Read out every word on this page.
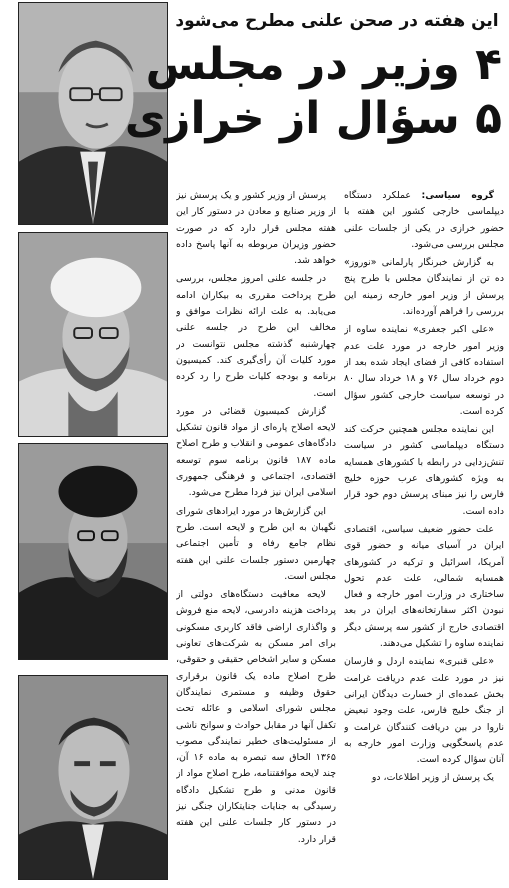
این هفته در صحن علنی مطرح می‌شود
۴ وزیر در مجلس
۵ سؤال از خرازی

گروه سیاسی: عملکرد دستگاه دیپلماسی خارجی کشور این هفته با حضور خرازی در یکی از جلسات علنی مجلس بررسی می‌شود.

به گزارش خبرنگار پارلمانی «نوروز» ده تن از نمایندگان مجلس با طرح پنج پرسش از وزیر امور خارجه زمینه این بررسی را فراهم آورده‌اند.

«علی اکبر جعفری» نماینده ساوه از وزیر امور خارجه در مورد علت عدم استفاده کافی از فضای ایجاد شده بعد از دوم خرداد سال ۷۶ و ۱۸ خرداد سال ۸۰ در توسعه سیاست خارجی کشور سؤال کرده است.

این نماینده مجلس همچنین حرکت کند دستگاه دیپلماسی کشور در سیاست تنش‌زدایی در رابطه با کشورهای همسایه به ویژه کشورهای عرب حوزه خلیج فارس را نیز مبنای پرسش دوم خود قرار داده است.

علت حضور ضعیف سیاسی، اقتصادی ایران در آسیای میانه و حضور قوی آمریکا، اسرائیل و ترکیه در کشورهای همسایه شمالی، علت عدم تحول ساختاری در وزارت امور خارجه و فعال نبودن اکثر سفارتخانه‌های ایران در بعد اقتصادی خارج از کشور سه پرسش دیگر نماینده ساوه را تشکیل می‌دهند.

«علی قنبری» نماینده اردل و فارسان نیز در مورد علت عدم دریافت غرامت بخش عمده‌ای از خسارت دیدگان ایرانی از جنگ خلیج فارس، علت وجود تبعیض ناروا در بین دریافت کنندگان غرامت و عدم پاسخگویی وزارت امور خارجه به آنان سؤال کرده است.

یک پرسش از وزیر اطلاعات، دو

پرسش از وزیر کشور و یک پرسش نیز از وزیر صنایع و معادن در دستور کار این هفته مجلس قرار دارد که در صورت حضور وزیران مربوطه به آنها پاسخ داده خواهد شد.

در جلسه علنی امروز مجلس، بررسی طرح پرداخت مقرری به بیکاران ادامه می‌یابد. به علت ارائه نظرات موافق و مخالف این طرح در جلسه علنی چهارشنبه گذشته مجلس نتوانست در مورد کلیات آن رأی‌گیری کند. کمیسیون برنامه و بودجه کلیات طرح را رد کرده است.

گزارش کمیسیون قضائی در مورد لایحه اصلاح پاره‌ای از مواد قانون تشکیل دادگاه‌های عمومی و انقلاب و طرح اصلاح ماده ۱۸۷ قانون برنامه سوم توسعه اقتصادی، اجتماعی و فرهنگی جمهوری اسلامی ایران نیز فردا مطرح می‌شود.

این گزارش‌ها در مورد ایرادهای شورای نگهبان به این طرح و لایحه است. طرح نظام جامع رفاه و تأمین اجتماعی چهارمین دستور جلسات علنی این هفته مجلس است.

لایحه معافیت دستگاه‌های دولتی از پرداخت هزینه دادرسی، لایحه منع فروش و واگذاری اراضی فاقد کاربری مسکونی برای امر مسکن به شرکت‌های تعاونی مسکن و سایر اشخاص حقیقی و حقوقی، طرح اصلاح ماده یک قانون برقراری حقوق وظیفه و مستمری نمایندگان مجلس شورای اسلامی و عائله تحت تکفل آنها در مقابل حوادث و سوانح ناشی از مسئولیت‌های خطیر نمایندگی مصوب ۱۳۶۵ الحاق سه تبصره به ماده ۱۶ آن، چند لایحه موافقتنامه، طرح اصلاح مواد از قانون مدنی و طرح تشکیل دادگاه رسیدگی به جنایات جنایتکاران جنگی نیز در دستور کار جلسات علنی این هفته قرار دارد.
